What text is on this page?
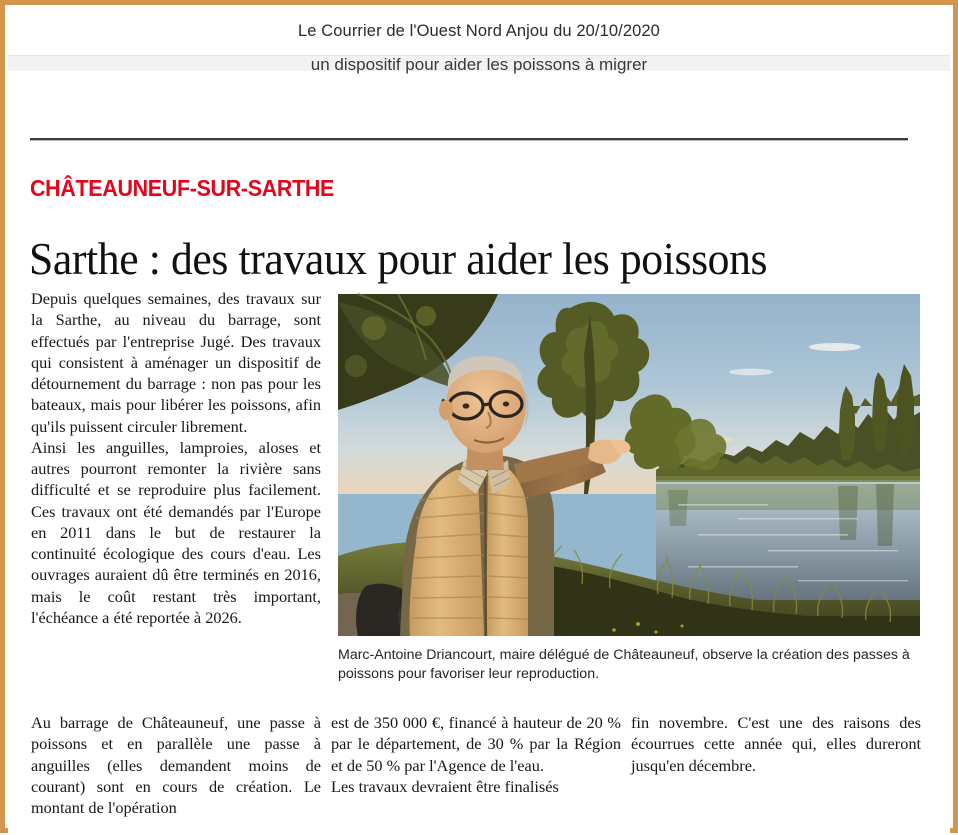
Le Courrier de l'Ouest Nord Anjou du 20/10/2020
un dispositif pour aider les poissons à migrer
CHÂTEAUNEUF-SUR-SARTHE
Sarthe : des travaux pour aider les poissons

Depuis quelques semaines, des travaux sur la Sarthe, au niveau du barrage, sont effectués par l'entreprise Jugé. Des travaux qui consistent à aménager un dispositif de détournement du barrage : non pas pour les bateaux, mais pour libérer les poissons, afin qu'ils puissent circuler librement.

Ainsi les anguilles, lamproies, aloses et autres pourront remonter la rivière sans difficulté et se reproduire plus facilement. Ces travaux ont été demandés par l'Europe en 2011 dans le but de restaurer la continuité écologique des cours d'eau. Les ouvrages auraient dû être terminés en 2016, mais le coût restant très important, l'échéance a été reportée à 2026.

Marc-Antoine Driancourt, maire délégué de Châteauneuf, observe la création des passes à poissons pour favoriser leur reproduction.

Au barrage de Châteauneuf, une passe à poissons et en parallèle une passe à anguilles (elles demandent moins de courant) sont en cours de création. Le montant de l'opération

est de 350 000 €, financé à hauteur de 20 % par le département, de 30 % par la Région et de 50 % par l'Agence de l'eau.

Les travaux devraient être finalisés

fin novembre. C'est une des raisons des écourrues cette année qui, elles dureront jusqu'en décembre.
